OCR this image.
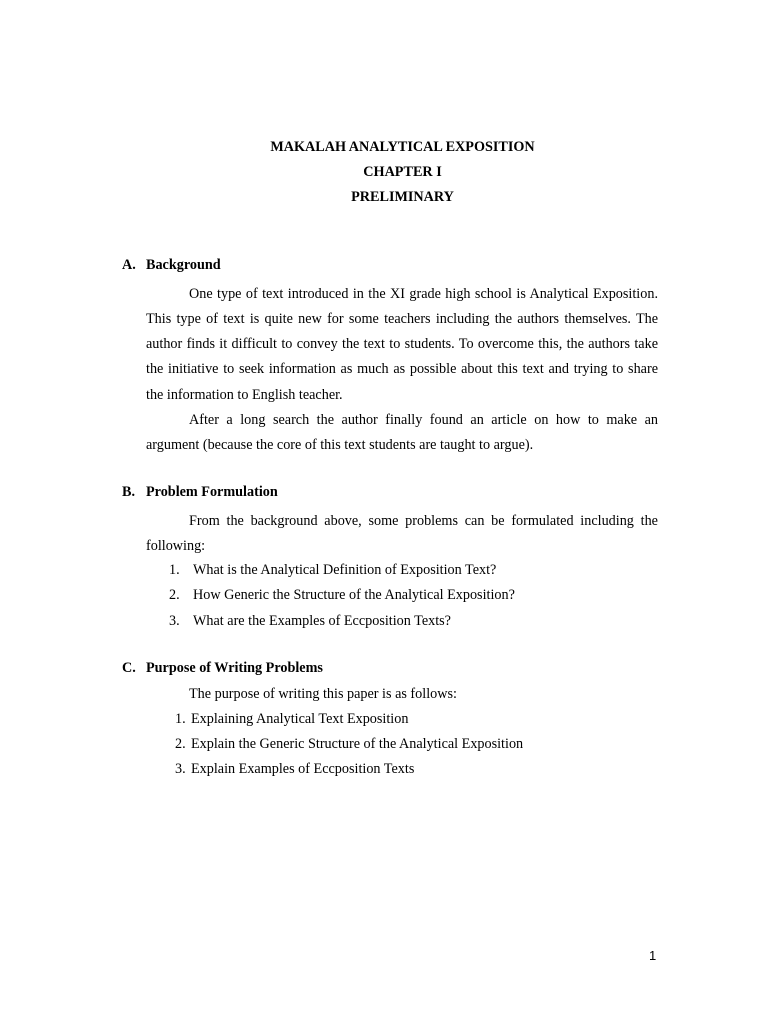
MAKALAH ANALYTICAL EXPOSITION
CHAPTER I
PRELIMINARY
A. Background
One type of text introduced in the XI grade high school is Analytical Exposition. This type of text is quite new for some teachers including the authors themselves. The author finds it difficult to convey the text to students. To overcome this, the authors take the initiative to seek information as much as possible about this text and trying to share the information to English teacher.
After a long search the author finally found an article on how to make an argument (because the core of this text students are taught to argue).
B. Problem Formulation
From the background above, some problems can be formulated including the following:
1. What is the Analytical Definition of Exposition Text?
2. How Generic the Structure of the Analytical Exposition?
3. What are the Examples of Eccposition Texts?
C. Purpose of Writing Problems
The purpose of writing this paper is as follows:
1. Explaining Analytical Text Exposition
2. Explain the Generic Structure of the Analytical Exposition
3. Explain Examples of Eccposition Texts
1
